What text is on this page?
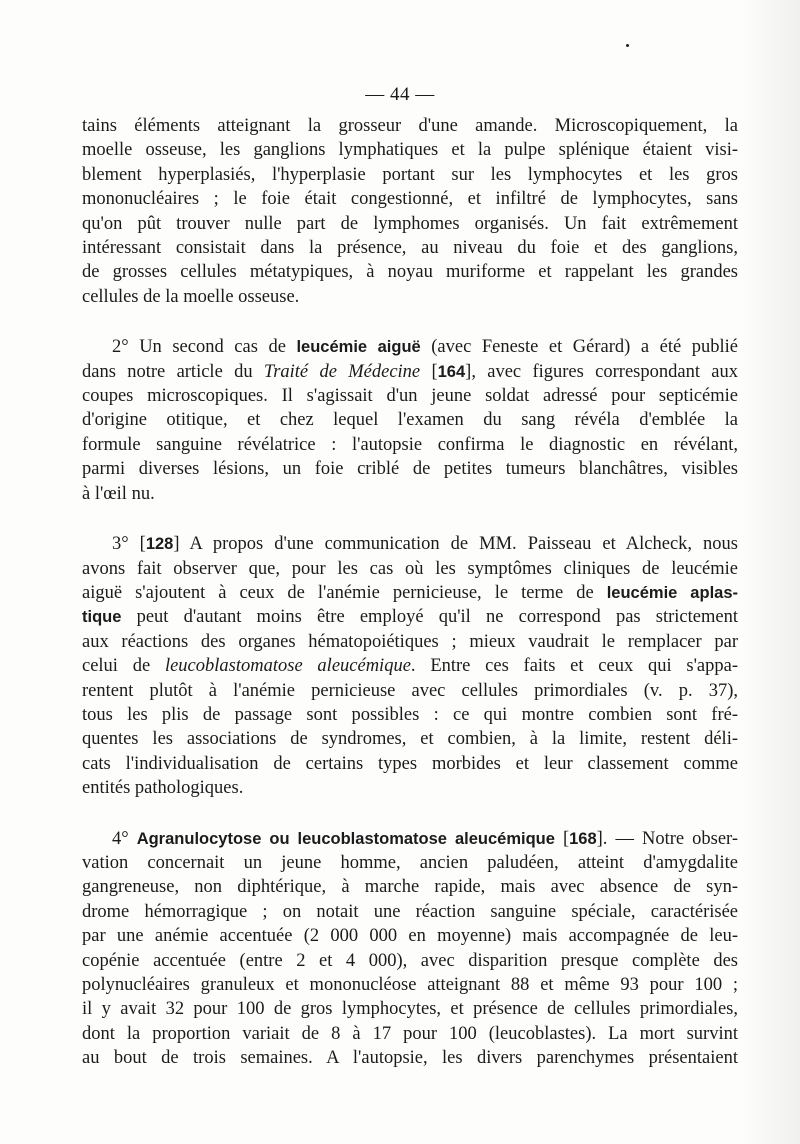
— 44 —
tains éléments atteignant la grosseur d'une amande. Microscopiquement, la
moelle osseuse, les ganglions lymphatiques et la pulpe splénique étaient visi-
blement hyperplasiés, l'hyperplasie portant sur les lymphocytes et les gros
mononucléaires ; le foie était congestionné, et infiltré de lymphocytes, sans
qu'on pût trouver nulle part de lymphomes organisés. Un fait extrêmement
intéressant consistait dans la présence, au niveau du foie et des ganglions,
de grosses cellules métatypiques, à noyau muriforme et rappelant les grandes
cellules de la moelle osseuse.
2° Un second cas de leucémie aiguë (avec Feneste et Gérard) a été publié
dans notre article du Traité de Médecine [164], avec figures correspondant aux
coupes microscopiques. Il s'agissait d'un jeune soldat adressé pour septicémie
d'origine otitique, et chez lequel l'examen du sang révéla d'emblée la
formule sanguine révélatrice : l'autopsie confirma le diagnostic en révélant,
parmi diverses lésions, un foie criblé de petites tumeurs blanchâtres, visibles
à l'œil nu.
3° [128] A propos d'une communication de MM. Paisseau et Alcheck, nous
avons fait observer que, pour les cas où les symptômes cliniques de leucémie
aiguë s'ajoutent à ceux de l'anémie pernicieuse, le terme de leucémie aplas-
tique peut d'autant moins être employé qu'il ne correspond pas strictement
aux réactions des organes hématopoiétiques ; mieux vaudrait le remplacer par
celui de leucoblastomatose aleucémique. Entre ces faits et ceux qui s'appa-
rentent plutôt à l'anémie pernicieuse avec cellules primordiales (v. p. 37),
tous les plis de passage sont possibles : ce qui montre combien sont fré-
quentes les associations de syndromes, et combien, à la limite, restent déli-
cats l'individualisation de certains types morbides et leur classement comme
entités pathologiques.
4° Agranulocytose ou leucoblastomatose aleucémique [168]. — Notre obser-
vation concernait un jeune homme, ancien paludéen, atteint d'amygdalite
gangreneuse, non diphtérique, à marche rapide, mais avec absence de syn-
drome hémorragique ; on notait une réaction sanguine spéciale, caractérisée
par une anémie accentuée (2 000 000 en moyenne) mais accompagnée de leu-
copénie accentuée (entre 2 et 4 000), avec disparition presque complète des
polynucléaires granuleux et mononucléose atteignant 88 et même 93 pour 100 ;
il y avait 32 pour 100 de gros lymphocytes, et présence de cellules primordiales,
dont la proportion variait de 8 à 17 pour 100 (leucoblastes). La mort survint
au bout de trois semaines. A l'autopsie, les divers parenchymes présentaient
